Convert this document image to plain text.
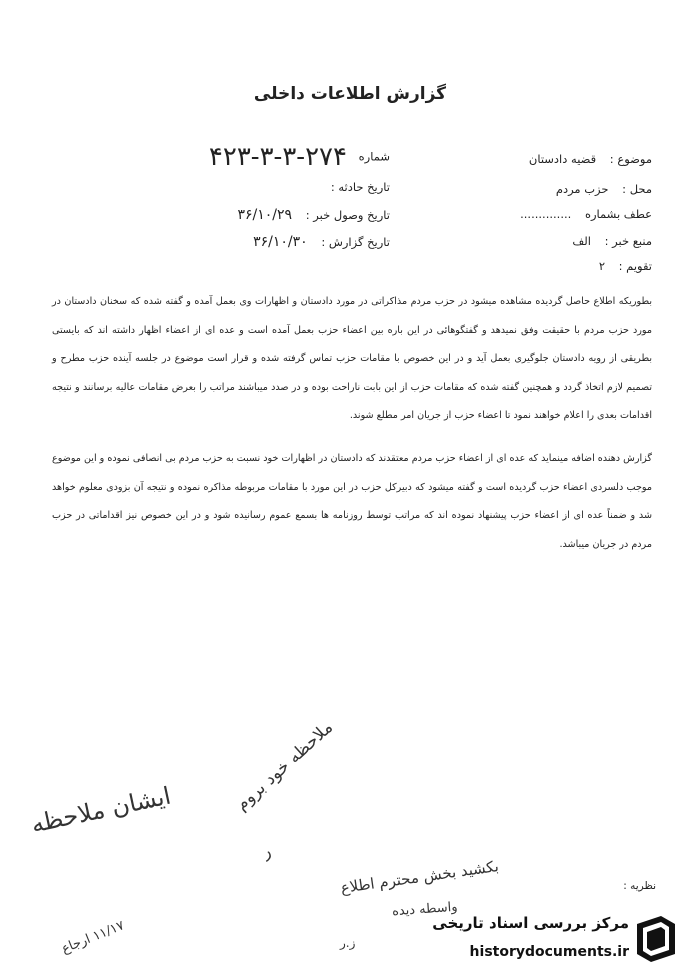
گزارش اطلاعات داخلی
موضوع : قضیه دادستان
محل : حزب مردم
عطف بشماره ..............
منبع خبر : الف
تقویم : ۲
شماره ۴۲۳-۳-۳-۲۷۴
تاریخ حادثه :
تاریخ وصول خبر : ۳۶/۱۰/۲۹
تاریخ گزارش : ۳۶/۱۰/۳۰

بطوریکه اطلاع حاصل گردیده مشاهده میشود در حزب مردم مذاکراتی در مورد دادستان و اظهارات وی بعمل آمده و گفته شده که سخنان دادستان در مورد حزب مردم با حقیقت وفق نمیدهد و گفتگوهائی در این باره بین اعضاء حزب بعمل آمده است و عده ای از اعضاء اظهار داشته اند که بایستی بطریقی از رویه دادستان جلوگیری بعمل آید و در این خصوص با مقامات حزب تماس گرفته شده و قرار است موضوع در جلسه آینده حزب مطرح و تصمیم لازم اتخاذ گردد و همچنین گفته شده که مقامات حزب از این بابت ناراحت بوده و در صدد میباشند مراتب را بعرض مقامات عالیه برسانند و نتیجه اقدامات بعدی را اعلام خواهند نمود تا اعضاء حزب از جریان امر مطلع شوند.

گزارش دهنده اضافه مینماید که عده ای از اعضاء حزب مردم معتقدند که دادستان در اظهارات خود نسبت به حزب مردم بی انصافی نموده و این موضوع موجب دلسردی اعضاء حزب گردیده است و گفته میشود که دبیرکل حزب در این مورد با مقامات مربوطه مذاکره نموده و نتیجه آن بزودی معلوم خواهد شد و ضمناً عده ای از اعضاء حزب پیشنهاد نموده اند که مراتب توسط روزنامه ها بسمع عموم رسانیده شود و در این خصوص نیز اقداماتی در حزب مردم در جریان میباشد.

ایشان ملاحظه	ملاحظه خود بروم
ر
بکشید بخش محترم اطلاع
واسطه دیده
۱۱/۱۷ ارجاع
نظریه :
ز.ر
مرکز بررسی اسناد تاریخی
historydocuments.ir
